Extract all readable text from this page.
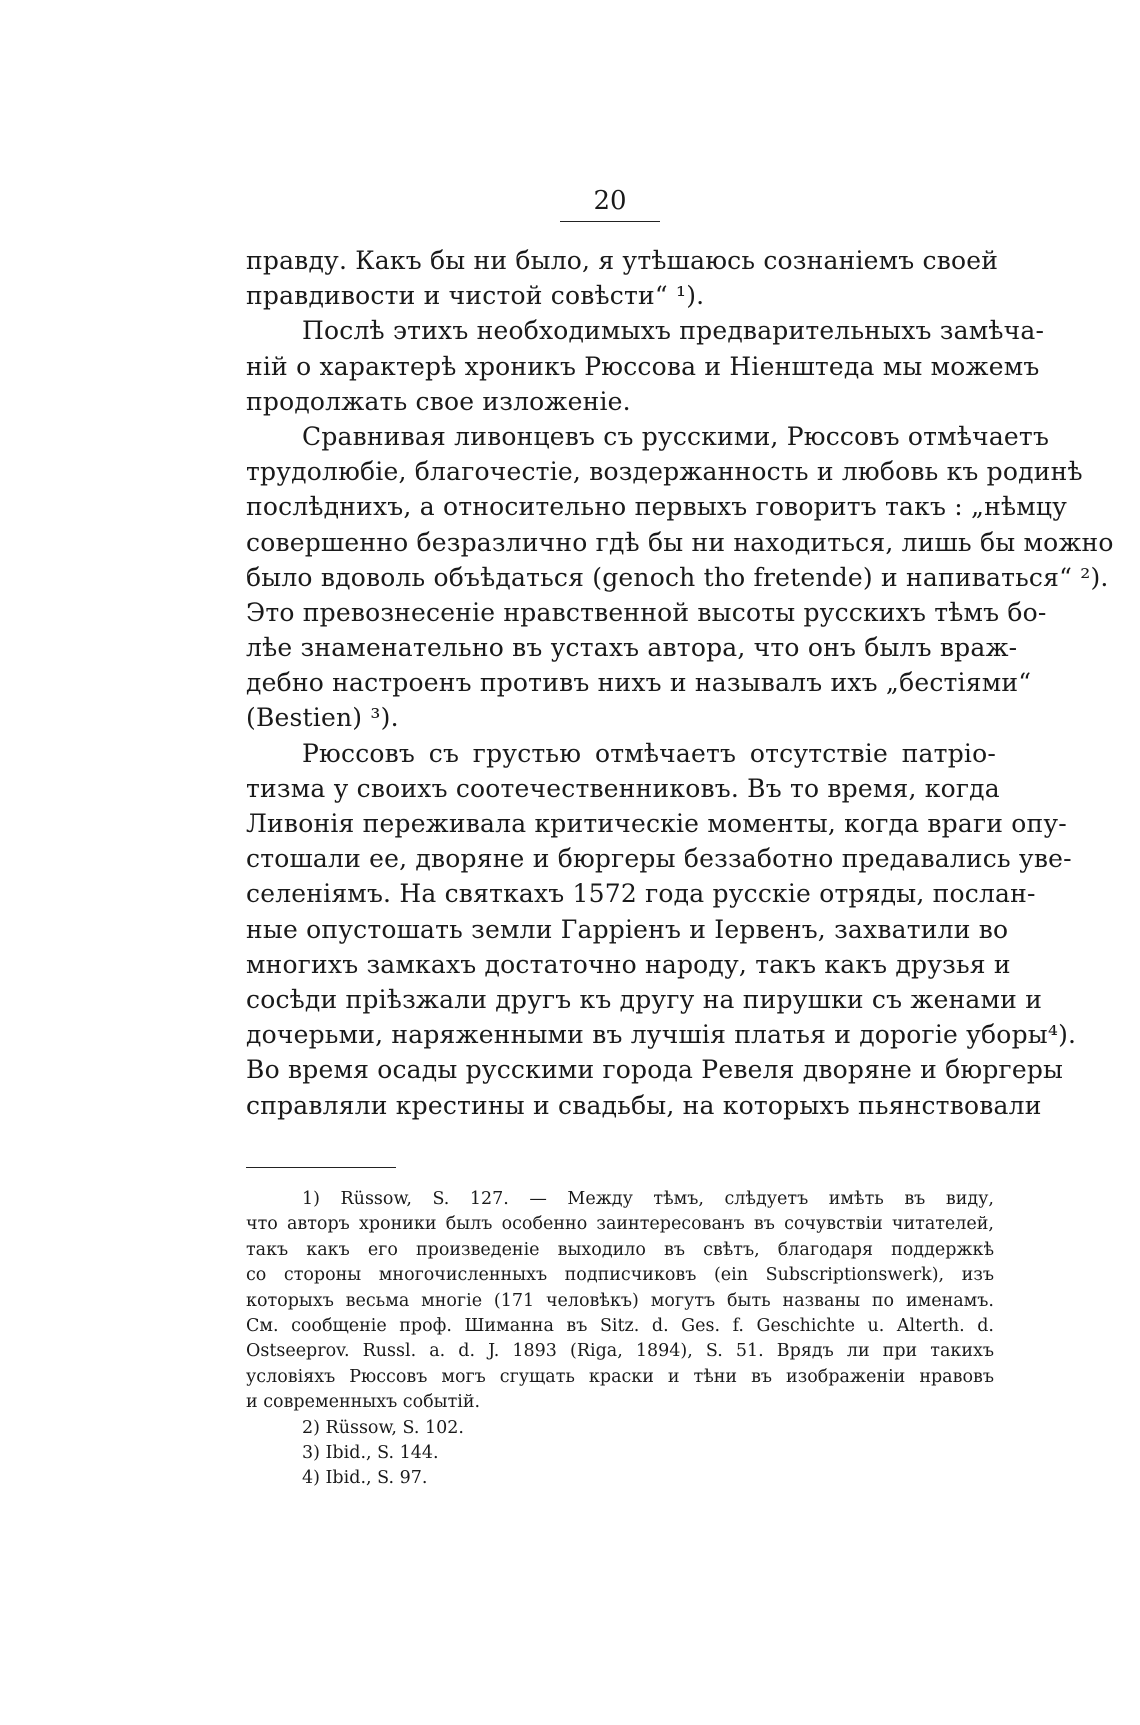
20
правду. Какъ бы ни было, я утѣшаюсь сознаніемъ своей
правдивости и чистой совѣсти“ ¹).
Послѣ этихъ необходимыхъ предварительныхъ замѣча-
ній о характерѣ хроникъ Рюссова и Ніенштеда мы можемъ
продолжать свое изложеніе.
Сравнивая ливонцевъ съ русскими, Рюссовъ отмѣчаетъ
трудолюбіе, благочестіе, воздержанность и любовь къ родинѣ
послѣднихъ, а относительно первыхъ говоритъ такъ : „нѣмцу
совершенно безразлично гдѣ бы ни находиться, лишь бы можно
было вдоволь объѣдаться (genoch tho fretende) и напиваться“ ²).
Это превознесеніе нравственной высоты русскихъ тѣмъ бо-
лѣе знаменательно въ устахъ автора, что онъ былъ враж-
дебно настроенъ противъ нихъ и называлъ ихъ „бестіями“
(Bestien) ³).
Рюссовъ съ грустью отмѣчаетъ отсутствіе патріо-
тизма у своихъ соотечественниковъ. Въ то время, когда
Ливонія переживала критическіе моменты, когда враги опу-
стошали ее, дворяне и бюргеры беззаботно предавались уве-
селеніямъ. На святкахъ 1572 года русскіе отряды, послан-
ные опустошать земли Гарріенъ и Іервенъ, захватили во
многихъ замкахъ достаточно народу, такъ какъ друзья и
сосѣди пріѣзжали другъ къ другу на пирушки съ женами и
дочерьми, наряженными въ лучшія платья и дорогіе уборы⁴).
Во время осады русскими города Ревеля дворяне и бюргеры
справляли крестины и свадьбы, на которыхъ пьянствовали
1) Rüssow, S. 127. — Между тѣмъ, слѣдуетъ имѣть въ виду,
что авторъ хроники былъ особенно заинтересованъ въ сочувствіи читателей,
такъ какъ его произведеніе выходило въ свѣтъ, благодаря поддержкѣ
со стороны многочисленныхъ подписчиковъ (ein Subscriptionswerk), изъ
которыхъ весьма многіе (171 человѣкъ) могутъ быть названы по именамъ.
См. сообщеніе проф. Шиманна въ Sitz. d. Ges. f. Geschichte u. Alterth. d.
Ostseeprov. Russl. a. d. J. 1893 (Riga, 1894), S. 51. Врядъ ли при такихъ
условіяхъ Рюссовъ могъ сгущать краски и тѣни въ изображеніи нравовъ
и современныхъ событій.
2) Rüssow, S. 102.
3) Ibid., S. 144.
4) Ibid., S. 97.
